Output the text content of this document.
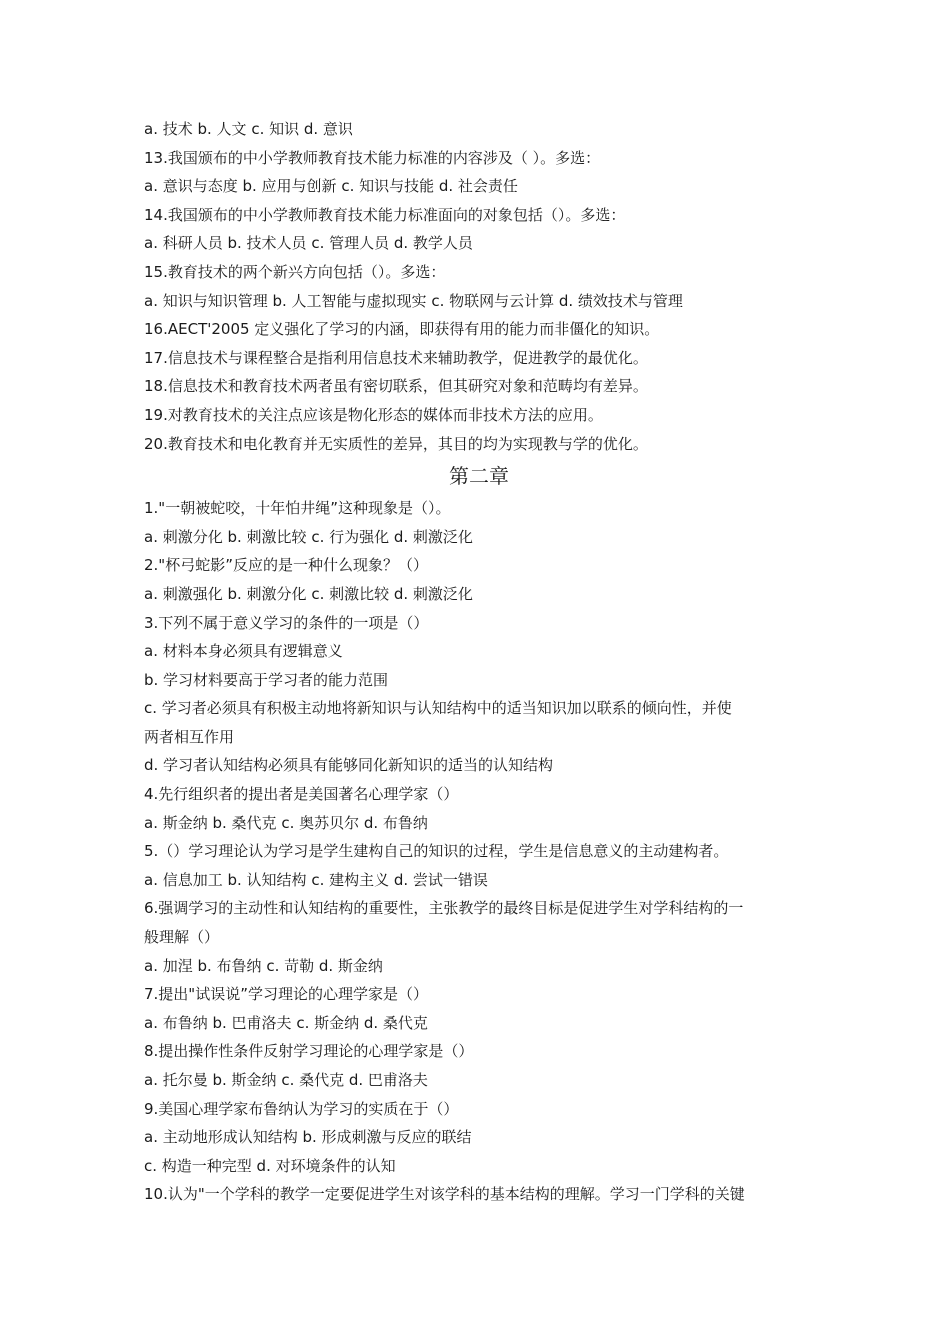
a. 技术 b. 人文 c. 知识 d. 意识
13.我国颁布的中小学教师教育技术能力标准的内容涉及（ ）。多选：
a. 意识与态度 b. 应用与创新 c. 知识与技能 d. 社会责任
14.我国颁布的中小学教师教育技术能力标准面向的对象包括（）。多选：
a. 科研人员 b. 技术人员 c. 管理人员 d. 教学人员
15.教育技术的两个新兴方向包括（）。多选：
a. 知识与知识管理 b. 人工智能与虚拟现实 c. 物联网与云计算 d. 绩效技术与管理
16.AECT'2005 定义强化了学习的内涵，即获得有用的能力而非僵化的知识。
17.信息技术与课程整合是指利用信息技术来辅助教学，促进教学的最优化。
18.信息技术和教育技术两者虽有密切联系，但其研究对象和范畴均有差异。
19.对教育技术的关注点应该是物化形态的媒体而非技术方法的应用。
20.教育技术和电化教育并无实质性的差异，其目的均为实现教与学的优化。
第二章
1."一朝被蛇咬，十年怕井绳”这种现象是（）。
a. 刺激分化 b. 刺激比较 c. 行为强化 d. 刺激泛化
2."杯弓蛇影”反应的是一种什么现象？（）
a. 刺激强化 b. 刺激分化 c. 刺激比较 d. 刺激泛化
3.下列不属于意义学习的条件的一项是（）
a. 材料本身必须具有逻辑意义
b. 学习材料要高于学习者的能力范围
c. 学习者必须具有积极主动地将新知识与认知结构中的适当知识加以联系的倾向性，并使
两者相互作用
d. 学习者认知结构必须具有能够同化新知识的适当的认知结构
4.先行组织者的提出者是美国著名心理学家（）
a. 斯金纳 b. 桑代克 c. 奥苏贝尔 d. 布鲁纳
5.（）学习理论认为学习是学生建构自己的知识的过程，学生是信息意义的主动建构者。
a. 信息加工 b. 认知结构 c. 建构主义 d. 尝试一错误
6.强调学习的主动性和认知结构的重要性，主张教学的最终目标是促进学生对学科结构的一
般理解（）
a. 加涅 b. 布鲁纳 c. 苛勒 d. 斯金纳
7.提出"试误说”学习理论的心理学家是（）
a. 布鲁纳 b. 巴甫洛夫 c. 斯金纳 d. 桑代克
8.提出操作性条件反射学习理论的心理学家是（）
a. 托尔曼 b. 斯金纳 c. 桑代克 d. 巴甫洛夫
9.美国心理学家布鲁纳认为学习的实质在于（）
a. 主动地形成认知结构 b. 形成刺激与反应的联结
c. 构造一种完型 d. 对环境条件的认知
10.认为"一个学科的教学一定要促进学生对该学科的基本结构的理解。学习一门学科的关键
